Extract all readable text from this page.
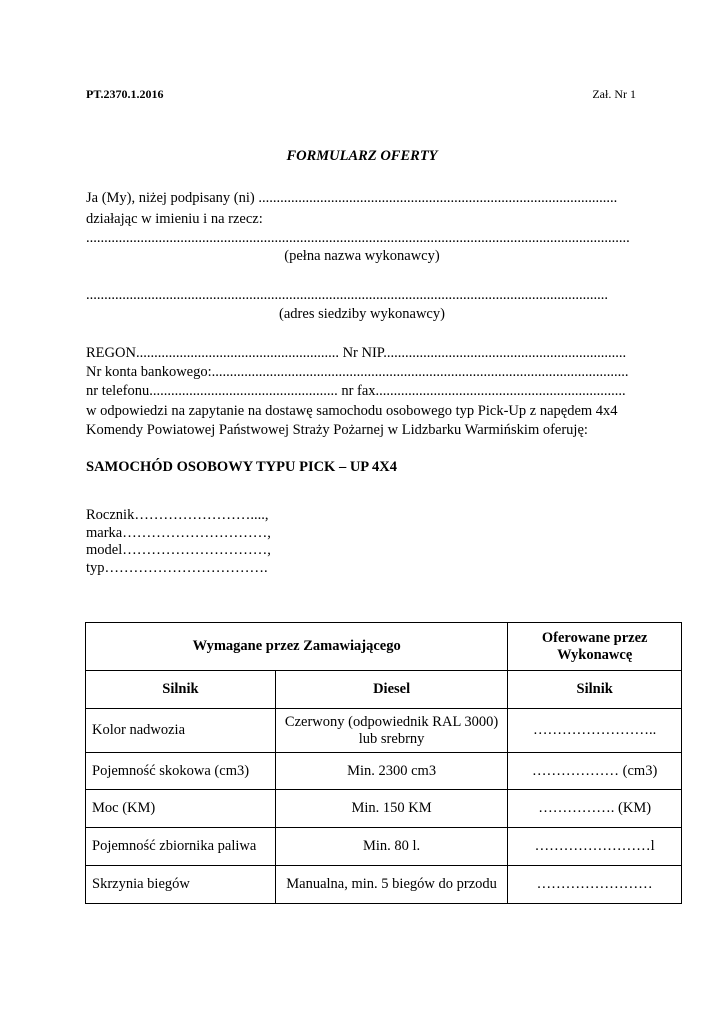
PT.2370.1.2016	Zał. Nr 1
FORMULARZ OFERTY
Ja (My), niżej podpisany (ni) ...................................................................................................
działając w imieniu i na rzecz:
......................................................................................................................................................
(pełna nazwa wykonawcy)
................................................................................................................................................
(adres siedziby wykonawcy)
REGON........................................................ Nr NIP...................................................................
Nr konta bankowego:...................................................................................................................
nr telefonu.................................................... nr fax.....................................................................
w odpowiedzi na zapytanie na dostawę samochodu osobowego typ Pick-Up z napędem 4x4
Komendy Powiatowej Państwowej Straży Pożarnej w Lidzbarku Warmińskim oferuję:
SAMOCHÓD OSOBOWY TYPU PICK – UP 4X4
Rocznik……………………....,
marka…………………………,
model…………………………,
typ…………………………….
Wymagane przez Zamawiającego		Oferowane przez
Wykonawcę
Silnik	Diesel	Silnik
Kolor nadwozia	Czerwony (odpowiednik RAL 3000)
lub srebrny	……………………..
Pojemność skokowa (cm3)	Min. 2300 cm3	……………… (cm3)
Moc (KM)	Min. 150 KM	……………. (KM)
Pojemność zbiornika paliwa	Min. 80 l.	……………………l
Skrzynia biegów	Manualna, min. 5 biegów do przodu	……………………
